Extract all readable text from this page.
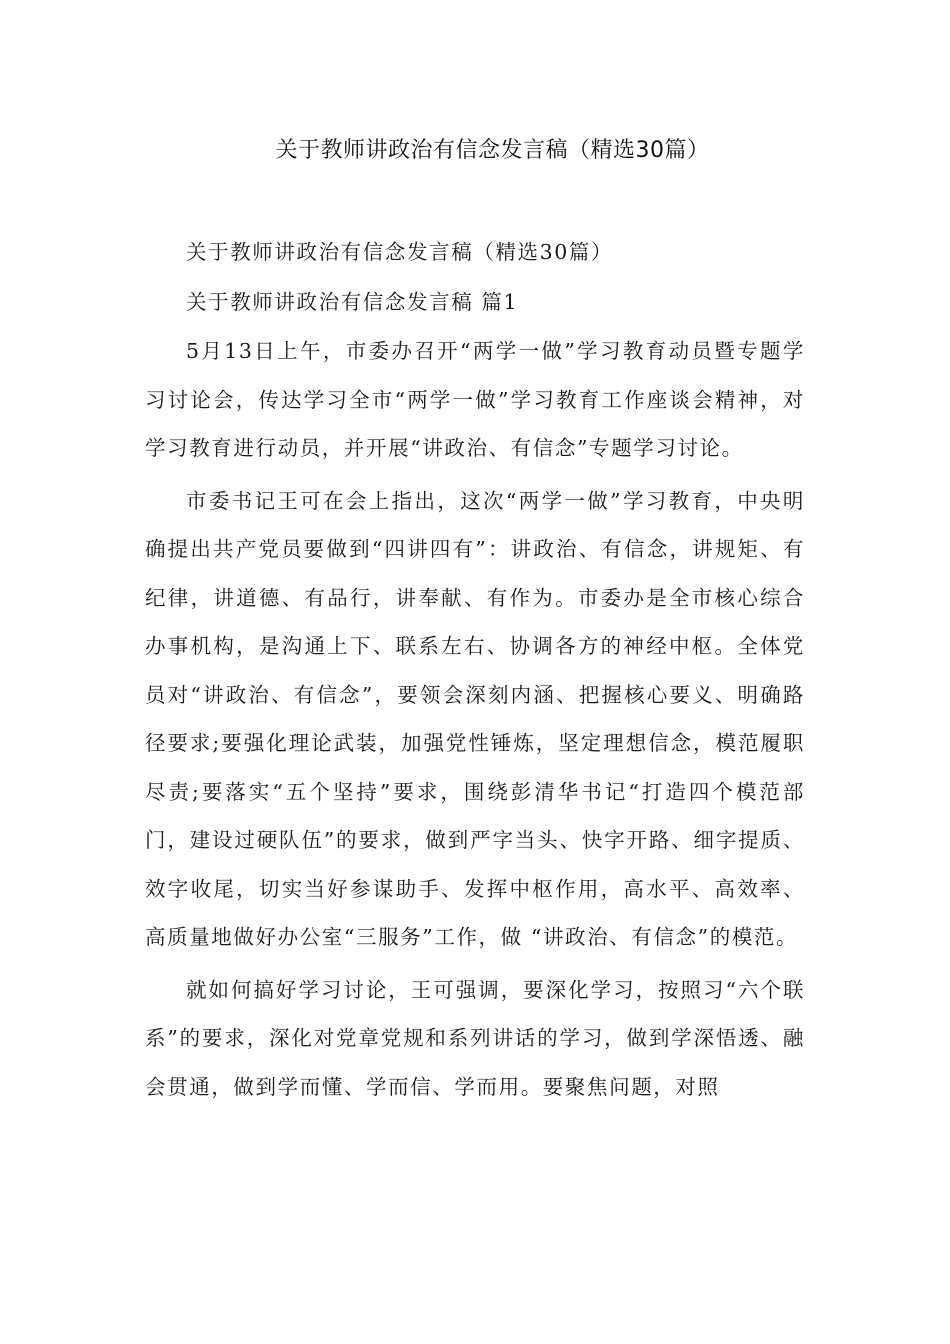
关于教师讲政治有信念发言稿（精选30篇）

关于教师讲政治有信念发言稿（精选30篇）

关于教师讲政治有信念发言稿 篇1

5月13日上午，市委办召开“两学一做”学习教育动员暨专题学习讨论会，传达学习全市“两学一做”学习教育工作座谈会精神，对学习教育进行动员，并开展“讲政治、有信念”专题学习讨论。

市委书记王可在会上指出，这次“两学一做”学习教育，中央明确提出共产党员要做到“四讲四有”：讲政治、有信念，讲规矩、有纪律，讲道德、有品行，讲奉献、有作为。市委办是全市核心综合办事机构，是沟通上下、联系左右、协调各方的神经中枢。全体党员对“讲政治、有信念”，要领会深刻内涵、把握核心要义、明确路径要求;要强化理论武装，加强党性锤炼，坚定理想信念，模范履职尽责;要落实“五个坚持”要求，围绕彭清华书记“打造四个模范部门，建设过硬队伍”的要求，做到严字当头、快字开路、细字提质、效字收尾，切实当好参谋助手、发挥中枢作用，高水平、高效率、高质量地做好办公室“三服务”工作，做 “讲政治、有信念”的模范。

就如何搞好学习讨论，王可强调，要深化学习，按照习“六个联系”的要求，深化对党章党规和系列讲话的学习，做到学深悟透、融会贯通，做到学而懂、学而信、学而用。要聚焦问题，对照
